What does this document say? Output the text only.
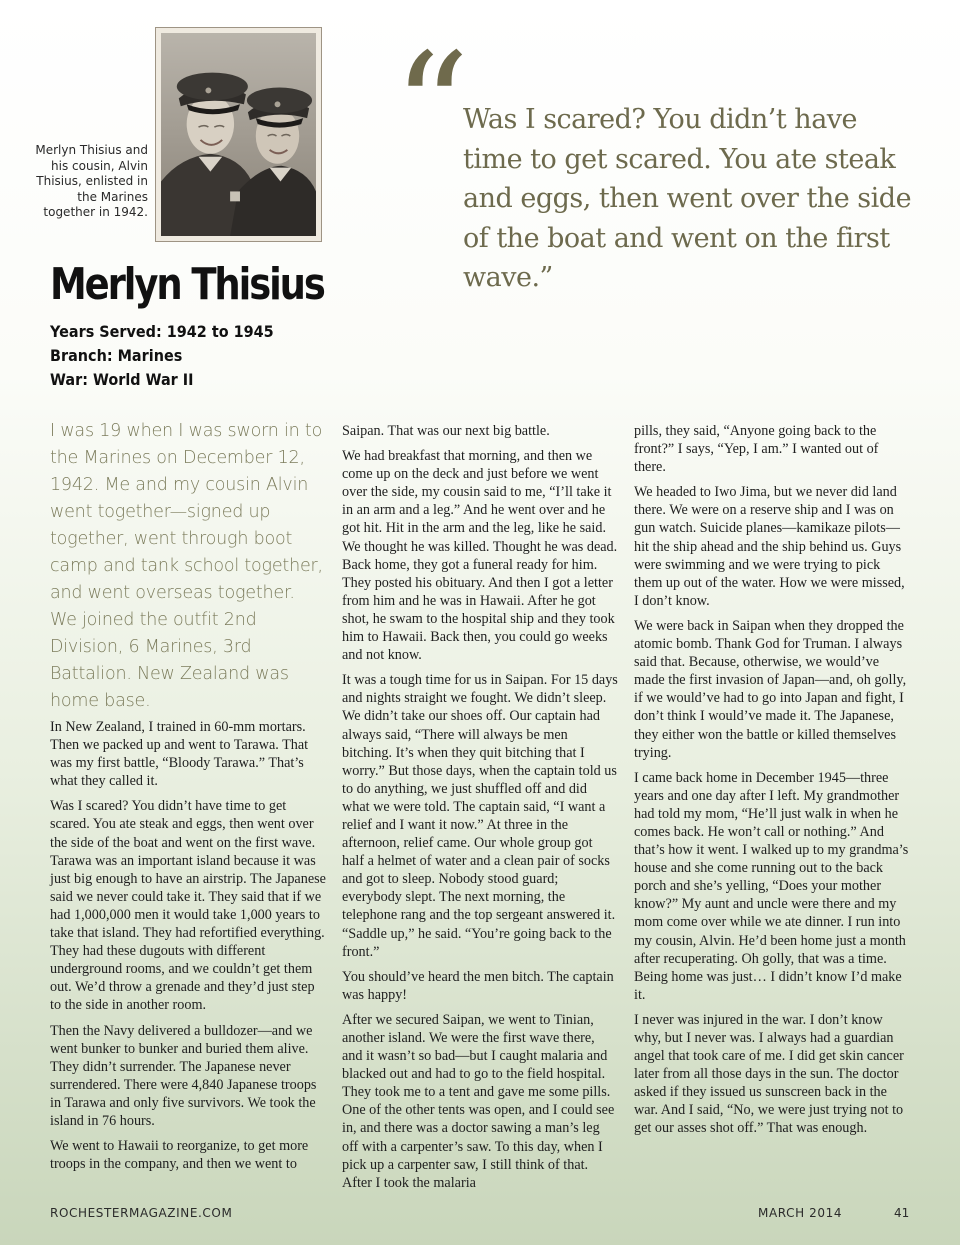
Merlyn Thisius and his cousin, Alvin Thisius, enlisted in the Marines together in 1942.
Merlyn Thisius
Years Served: 1942 to 1945
Branch: Marines
War: World War II
“

Was I scared? You didn’t have time to get scared. You ate steak and eggs, then went over the side of the boat and went on the first wave.”

I was 19 when I was sworn in to the Marines on December 12, 1942. Me and my cousin Alvin went together—signed up together, went through boot camp and tank school together, and went overseas together. We joined the outfit 2nd Division, 6 Marines, 3rd Battalion. New Zealand was home base.

In New Zealand, I trained in 60-mm mortars. Then we packed up and went to Tarawa. That was my first battle, “Bloody Tarawa.” That’s what they called it.

Was I scared? You didn’t have time to get scared. You ate steak and eggs, then went over the side of the boat and went on the first wave. Tarawa was an important island because it was just big enough to have an airstrip. The Japanese said we never could take it. They said that if we had 1,000,000 men it would take 1,000 years to take that island. They had refortified everything. They had these dugouts with different underground rooms, and we couldn’t get them out. We’d throw a grenade and they’d just step to the side in another room.

Then the Navy delivered a bulldozer—and we went bunker to bunker and buried them alive. They didn’t surrender. The Japanese never surrendered. There were 4,840 Japanese troops in Tarawa and only five survivors. We took the island in 76 hours.

We went to Hawaii to reorganize, to get more troops in the company, and then we went to

Saipan. That was our next big battle.

We had breakfast that morning, and then we come up on the deck and just before we went over the side, my cousin said to me, “I’ll take it in an arm and a leg.” And he went over and he got hit. Hit in the arm and the leg, like he said. We thought he was killed. Thought he was dead. Back home, they got a funeral ready for him. They posted his obituary. And then I got a letter from him and he was in Hawaii. After he got shot, he swam to the hospital ship and they took him to Hawaii. Back then, you could go weeks and not know.

It was a tough time for us in Saipan. For 15 days and nights straight we fought. We didn’t sleep. We didn’t take our shoes off. Our captain had always said, “There will always be men bitching. It’s when they quit bitching that I worry.” But those days, when the captain told us to do anything, we just shuffled off and did what we were told. The captain said, “I want a relief and I want it now.” At three in the afternoon, relief came. Our whole group got half a helmet of water and a clean pair of socks and got to sleep. Nobody stood guard; everybody slept. The next morning, the telephone rang and the top sergeant answered it. “Saddle up,” he said. “You’re going back to the front.”

You should’ve heard the men bitch. The captain was happy!

After we secured Saipan, we went to Tinian, another island. We were the first wave there, and it wasn’t so bad—but I caught malaria and blacked out and had to go to the field hospital. They took me to a tent and gave me some pills. One of the other tents was open, and I could see in, and there was a doctor sawing a man’s leg off with a carpenter’s saw. To this day, when I pick up a carpenter saw, I still think of that. After I took the malaria

pills, they said, “Anyone going back to the front?” I says, “Yep, I am.” I wanted out of there.

We headed to Iwo Jima, but we never did land there. We were on a reserve ship and I was on gun watch. Suicide planes—kamikaze pilots—hit the ship ahead and the ship behind us. Guys were swimming and we were trying to pick them up out of the water. How we were missed, I don’t know.

We were back in Saipan when they dropped the atomic bomb. Thank God for Truman. I always said that. Because, otherwise, we would’ve made the first invasion of Japan—and, oh golly, if we would’ve had to go into Japan and fight, I don’t think I would’ve made it. The Japanese, they either won the battle or killed themselves trying.

I came back home in December 1945—three years and one day after I left. My grandmother had told my mom, “He’ll just walk in when he comes back. He won’t call or nothing.” And that’s how it went. I walked up to my grandma’s house and she come running out to the back porch and she’s yelling, “Does your mother know?” My aunt and uncle were there and my mom come over while we ate dinner. I run into my cousin, Alvin. He’d been home just a month after recuperating. Oh golly, that was a time. Being home was just… I didn’t know I’d make it.

I never was injured in the war. I don’t know why, but I never was. I always had a guardian angel that took care of me. I did get skin cancer later from all those days in the sun. The doctor asked if they issued us sunscreen back in the war. And I said, “No, we were just trying not to get our asses shot off.” That was enough.

ROCHESTERMAGAZINE.COM	MARCH 2014	41
